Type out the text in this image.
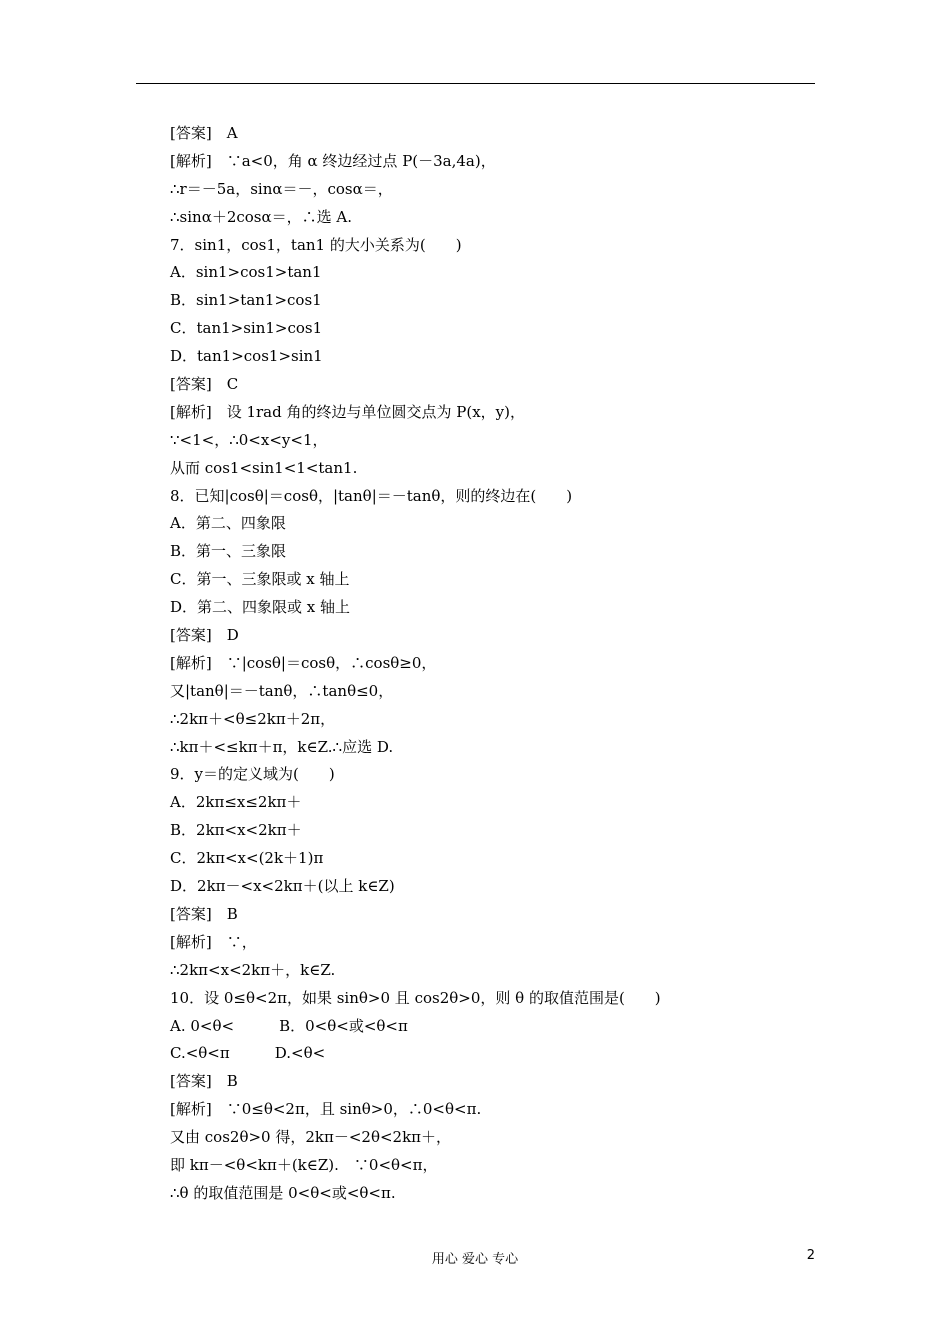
[答案]　A
[解析]　∵a<0，角 α 终边经过点 P(－3a,4a)，
∴r＝－5a，sinα＝－，cosα＝，
∴sinα＋2cosα＝，∴选 A.
7．sin1，cos1，tan1 的大小关系为(　　)
A．sin1>cos1>tan1
B．sin1>tan1>cos1
C．tan1>sin1>cos1
D．tan1>cos1>sin1
[答案]　C
[解析]　设 1rad 角的终边与单位圆交点为 P(x，y)，
∵<1<，∴0<x<y<1，
从而 cos1<sin1<1<tan1.
8．已知|cosθ|＝cosθ，|tanθ|＝－tanθ，则的终边在(　　)
A．第二、四象限
B．第一、三象限
C．第一、三象限或 x 轴上
D．第二、四象限或 x 轴上
[答案]　D
[解析]　∵|cosθ|＝cosθ，∴cosθ≥0，
又|tanθ|＝－tanθ，∴tanθ≤0，
∴2kπ＋<θ≤2kπ＋2π，
∴kπ＋<≤kπ＋π，k∈Z.∴应选 D.
9．y＝的定义域为(　　)
A．2kπ≤x≤2kπ＋
B．2kπ<x<2kπ＋
C．2kπ<x<(2k＋1)π
D．2kπ－<x<2kπ＋(以上 k∈Z)
[答案]　B
[解析]　∵，
∴2kπ<x<2kπ＋，k∈Z.
10．设 0≤θ<2π，如果 sinθ>0 且 cos2θ>0，则 θ 的取值范围是(　　)
A. 0<θ<　　　B．0<θ<或<θ<π
C.<θ<π　　　D.<θ<
[答案]　B
[解析]　∵0≤θ<2π，且 sinθ>0，∴0<θ<π.
又由 cos2θ>0 得，2kπ－<2θ<2kπ＋，
即 kπ－<θ<kπ＋(k∈Z).　∵0<θ<π，
∴θ 的取值范围是 0<θ<或<θ<π.
用心 爱心 专心	2
